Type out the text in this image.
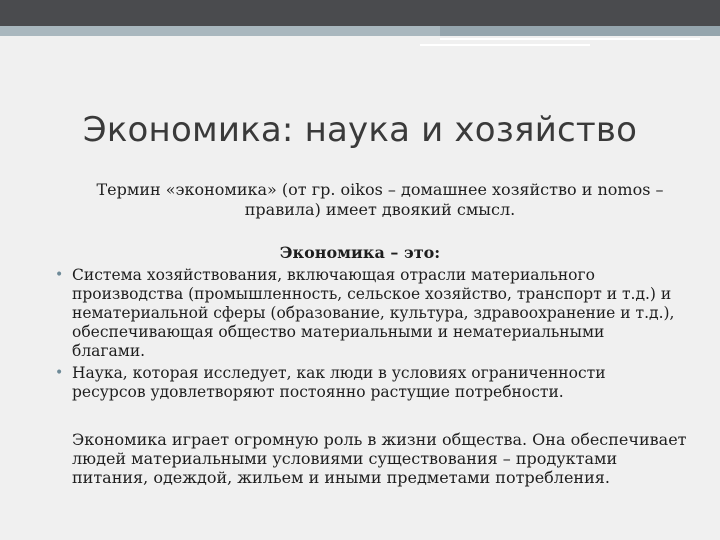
Экономика: наука и хозяйство
Термин «экономика» (от гр. oikos – домашнее хозяйство и nomos – правила) имеет двоякий смысл.
Экономика – это:
• Система хозяйствования, включающая отрасли материального производства (промышленность, сельское хозяйство, транспорт и т.д.) и нематериальной сферы (образование, культура, здравоохранение и т.д.), обеспечивающая общество материальными и нематериальными благами.
• Наука, которая исследует, как люди в условиях ограниченности ресурсов удовлетворяют постоянно растущие потребности.
Экономика играет огромную роль в жизни общества. Она обеспечивает людей материальными условиями существования – продуктами питания, одеждой, жильем и иными предметами потребления.
